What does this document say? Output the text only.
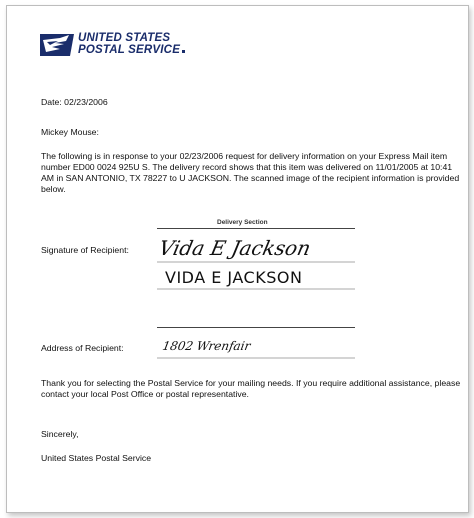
UNITED STATES
POSTAL SERVICE
Date: 02/23/2006
Mickey Mouse:
The following is in response to your 02/23/2006 request for delivery information on your Express Mail item number ED00 0024 925U S. The delivery record shows that this item was delivered on 11/01/2005 at 10:41 AM in SAN ANTONIO, TX 78227 to U JACKSON. The scanned image of the recipient information is provided below.
Delivery Section
Signature of Recipient: Vida E Jackson
VIDA E JACKSON
Address of Recipient:	1802 Wrenfair
Thank you for selecting the Postal Service for your mailing needs. If you require additional assistance, please contact your local Post Office or postal representative.
Sincerely,
United States Postal Service
